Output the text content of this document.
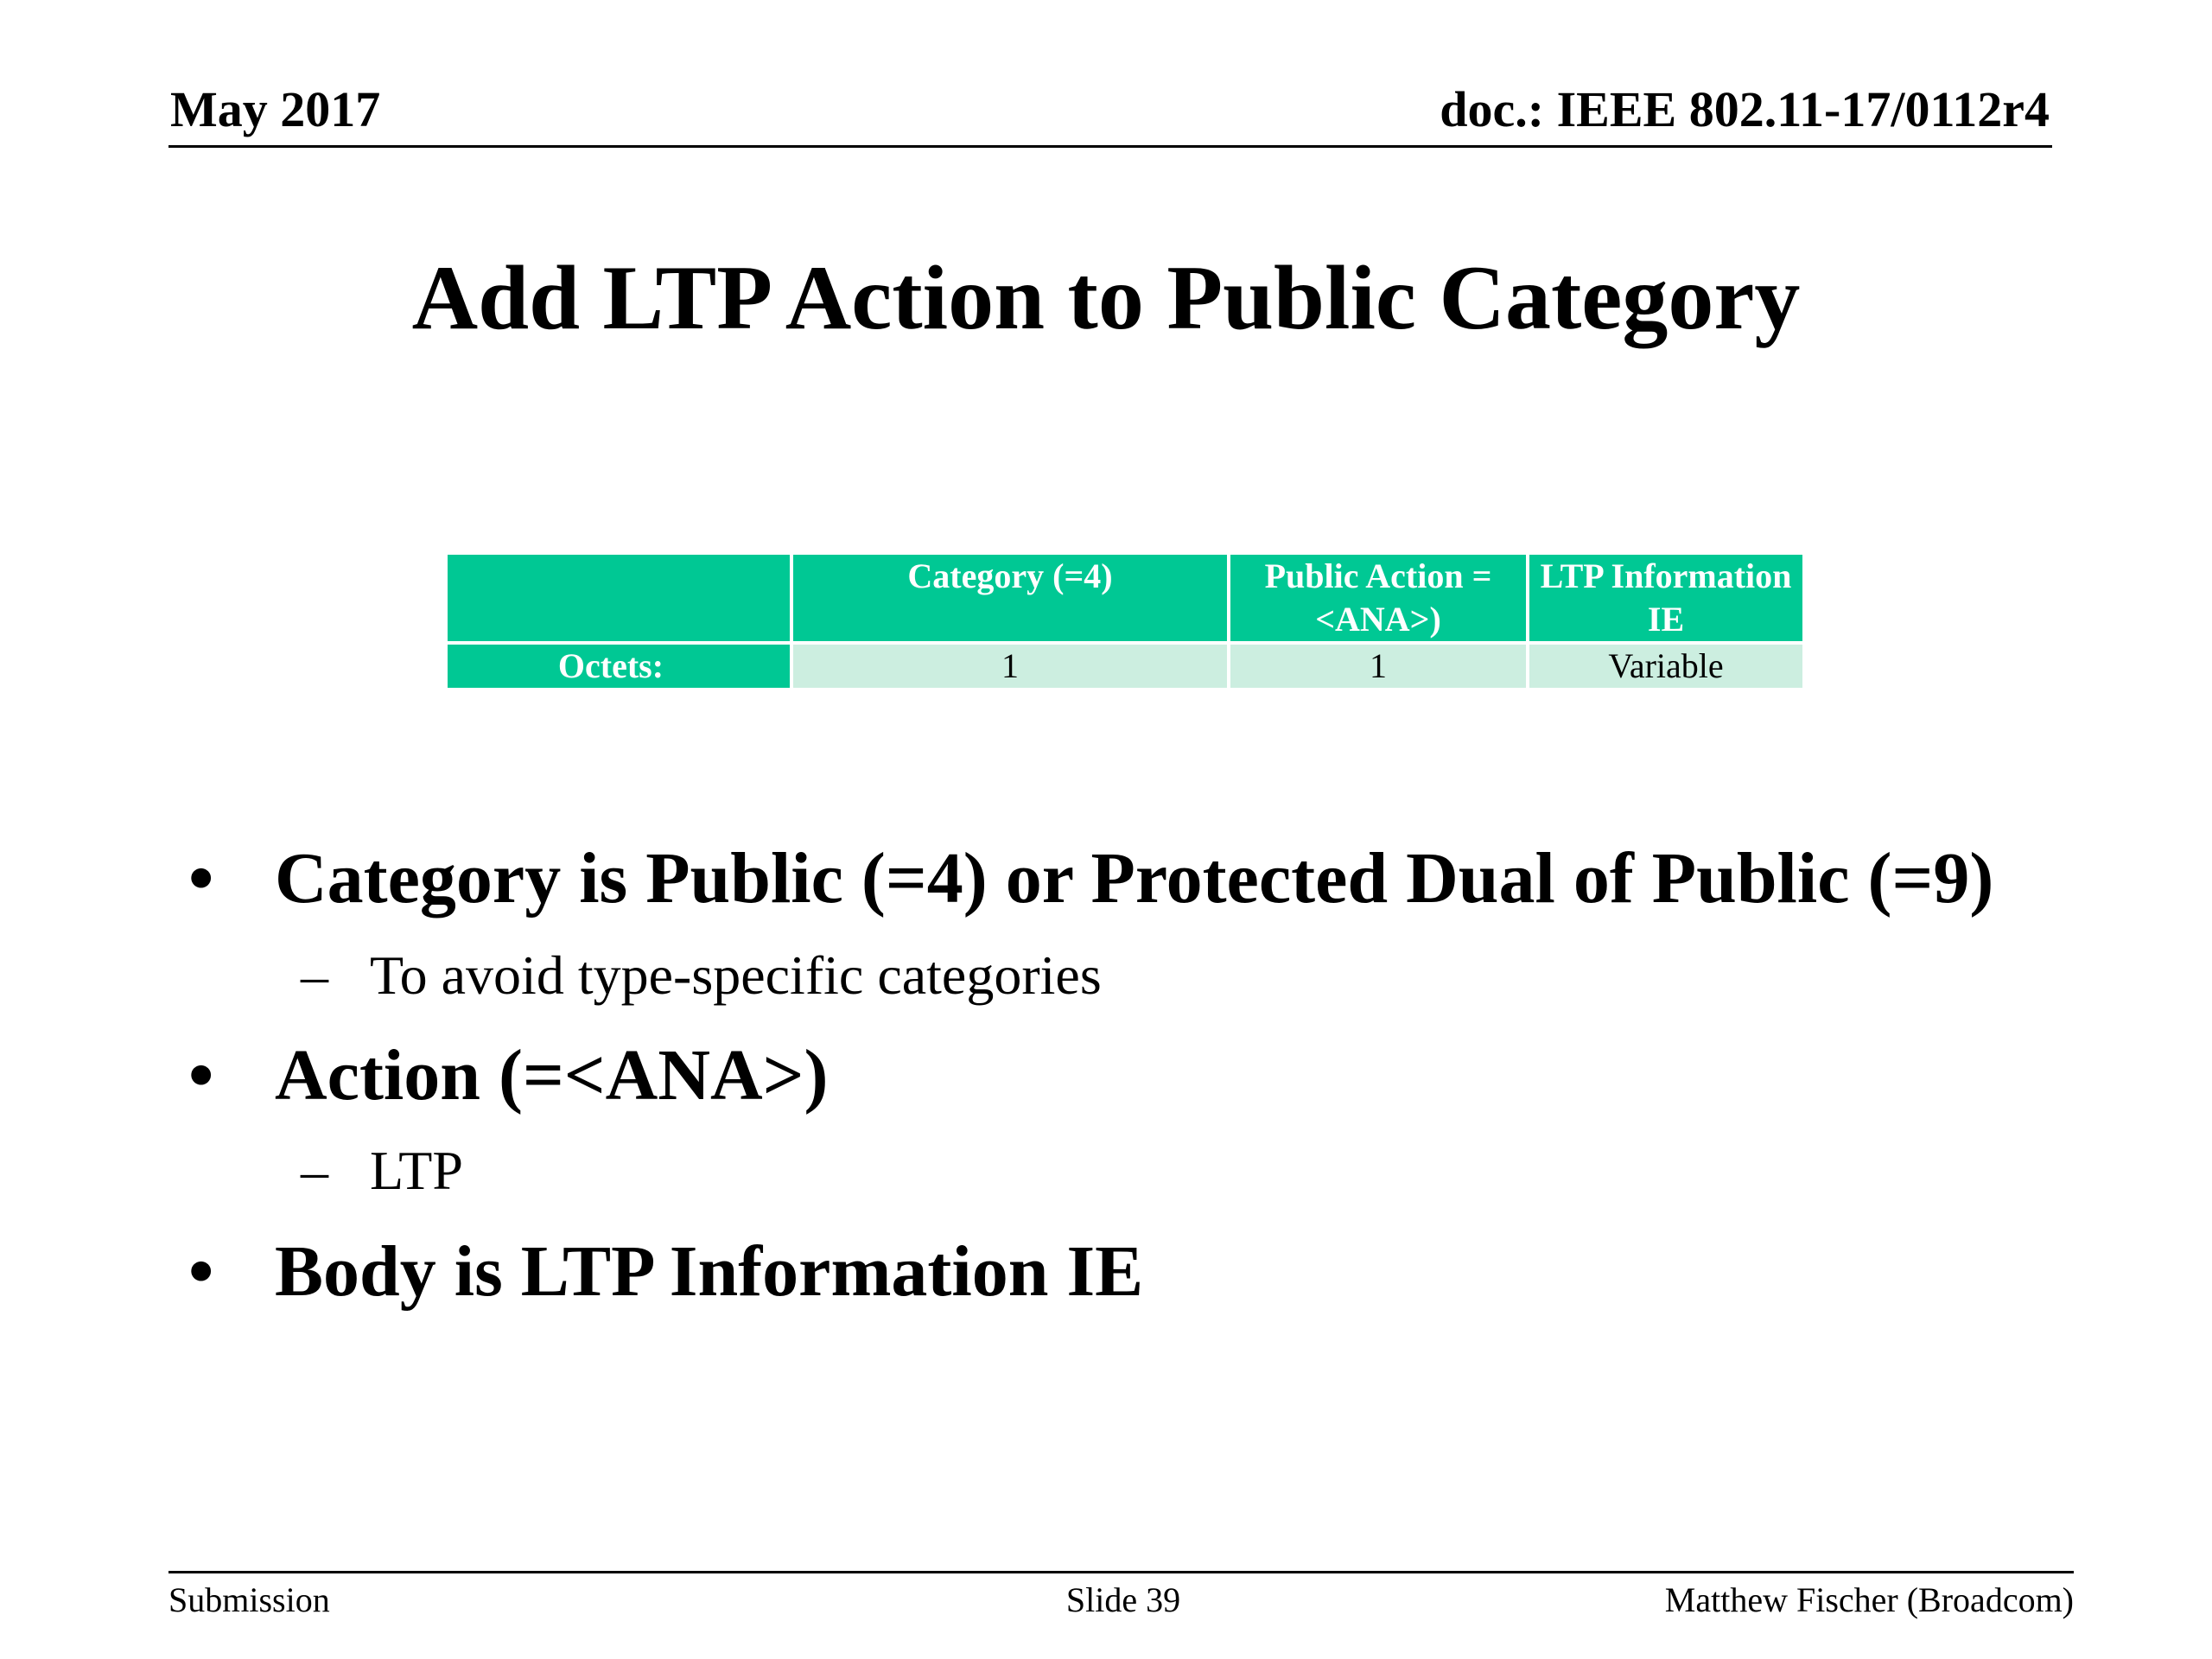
May 2017	doc.: IEEE 802.11-17/0112r4
Add LTP Action to Public Category
	Category (=4)	Public Action = <ANA>)	LTP Information IE
Octets:	1	1	Variable
• Category is Public (=4) or Protected Dual of Public (=9)
– To avoid type-specific categories
• Action (=<ANA>)
– LTP
• Body is LTP Information IE
Submission	Slide 39	Matthew Fischer (Broadcom)
